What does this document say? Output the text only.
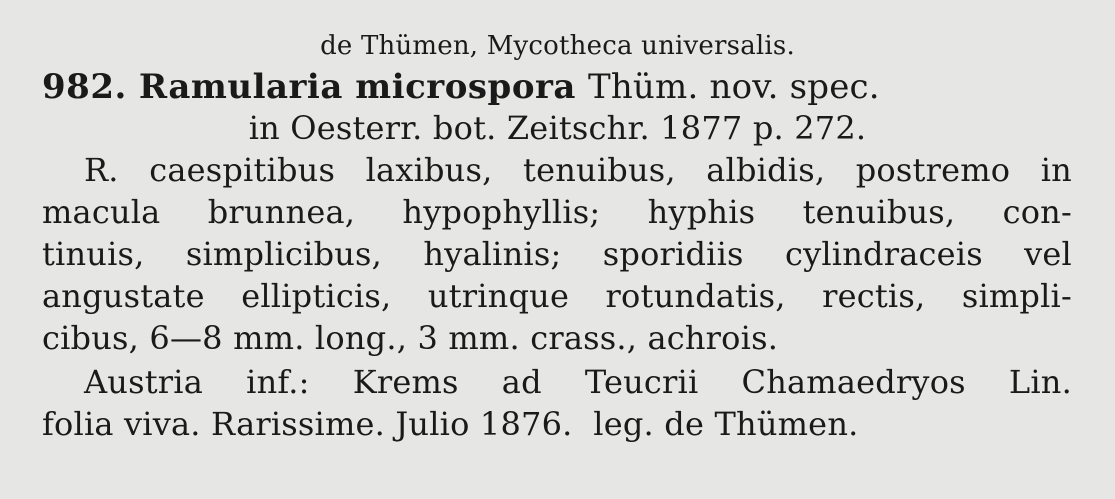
de Thümen, Mycotheca universalis.
982. Ramularia microspora Thüm. nov. spec.
in Oesterr. bot. Zeitschr. 1877 p. 272.
R. caespitibus laxibus, tenuibus, albidis, postremo in
macula brunnea, hypophyllis; hyphis tenuibus, con-
tinuis, simplicibus, hyalinis; sporidiis cylindraceis vel
angustate ellipticis, utrinque rotundatis, rectis, simpli-
cibus, 6—8 mm. long., 3 mm. crass., achrois.
Austria inf.: Krems ad Teucrii Chamaedryos Lin.
folia viva. Rarissime. Julio 1876.  leg. de Thümen.
